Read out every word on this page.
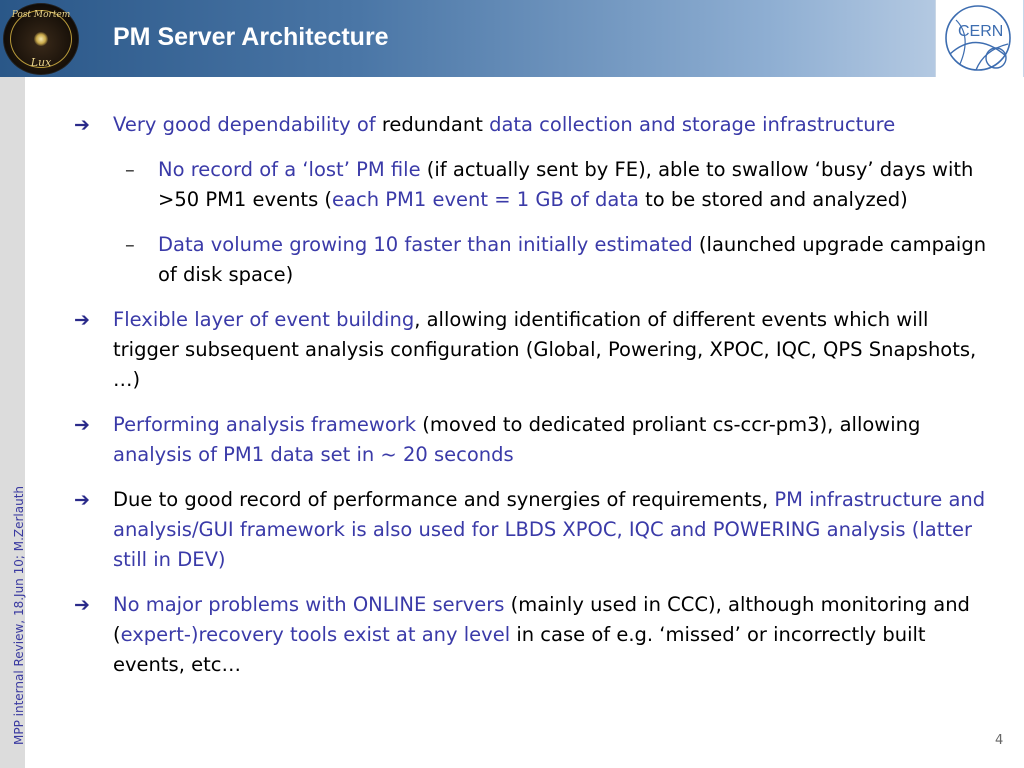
Post Mortem
Lux
PM Server Architecture	CERN
MPP internal Review, 18.Jun 10; M.Zerlauth
➔ Very good dependability of redundant data collection and storage infrastructure
– No record of a ‘lost’ PM file (if actually sent by FE), able to swallow ‘busy’ days with >50 PM1 events (each PM1 event = 1 GB of data to be stored and analyzed)
– Data volume growing 10 faster than initially estimated (launched upgrade campaign of disk space)
➔ Flexible layer of event building, allowing identification of different events which will trigger subsequent analysis configuration (Global, Powering, XPOC, IQC, QPS Snapshots, …)
➔ Performing analysis framework (moved to dedicated proliant cs-ccr-pm3), allowing analysis of PM1 data set in ~ 20 seconds
➔ Due to good record of performance and synergies of requirements, PM infrastructure and analysis/GUI framework is also used for LBDS XPOC, IQC and POWERING analysis (latter still in DEV)
➔ No major problems with ONLINE servers (mainly used in CCC), although monitoring and (expert-)recovery tools exist at any level in case of e.g. ‘missed’ or incorrectly built events, etc…
4
